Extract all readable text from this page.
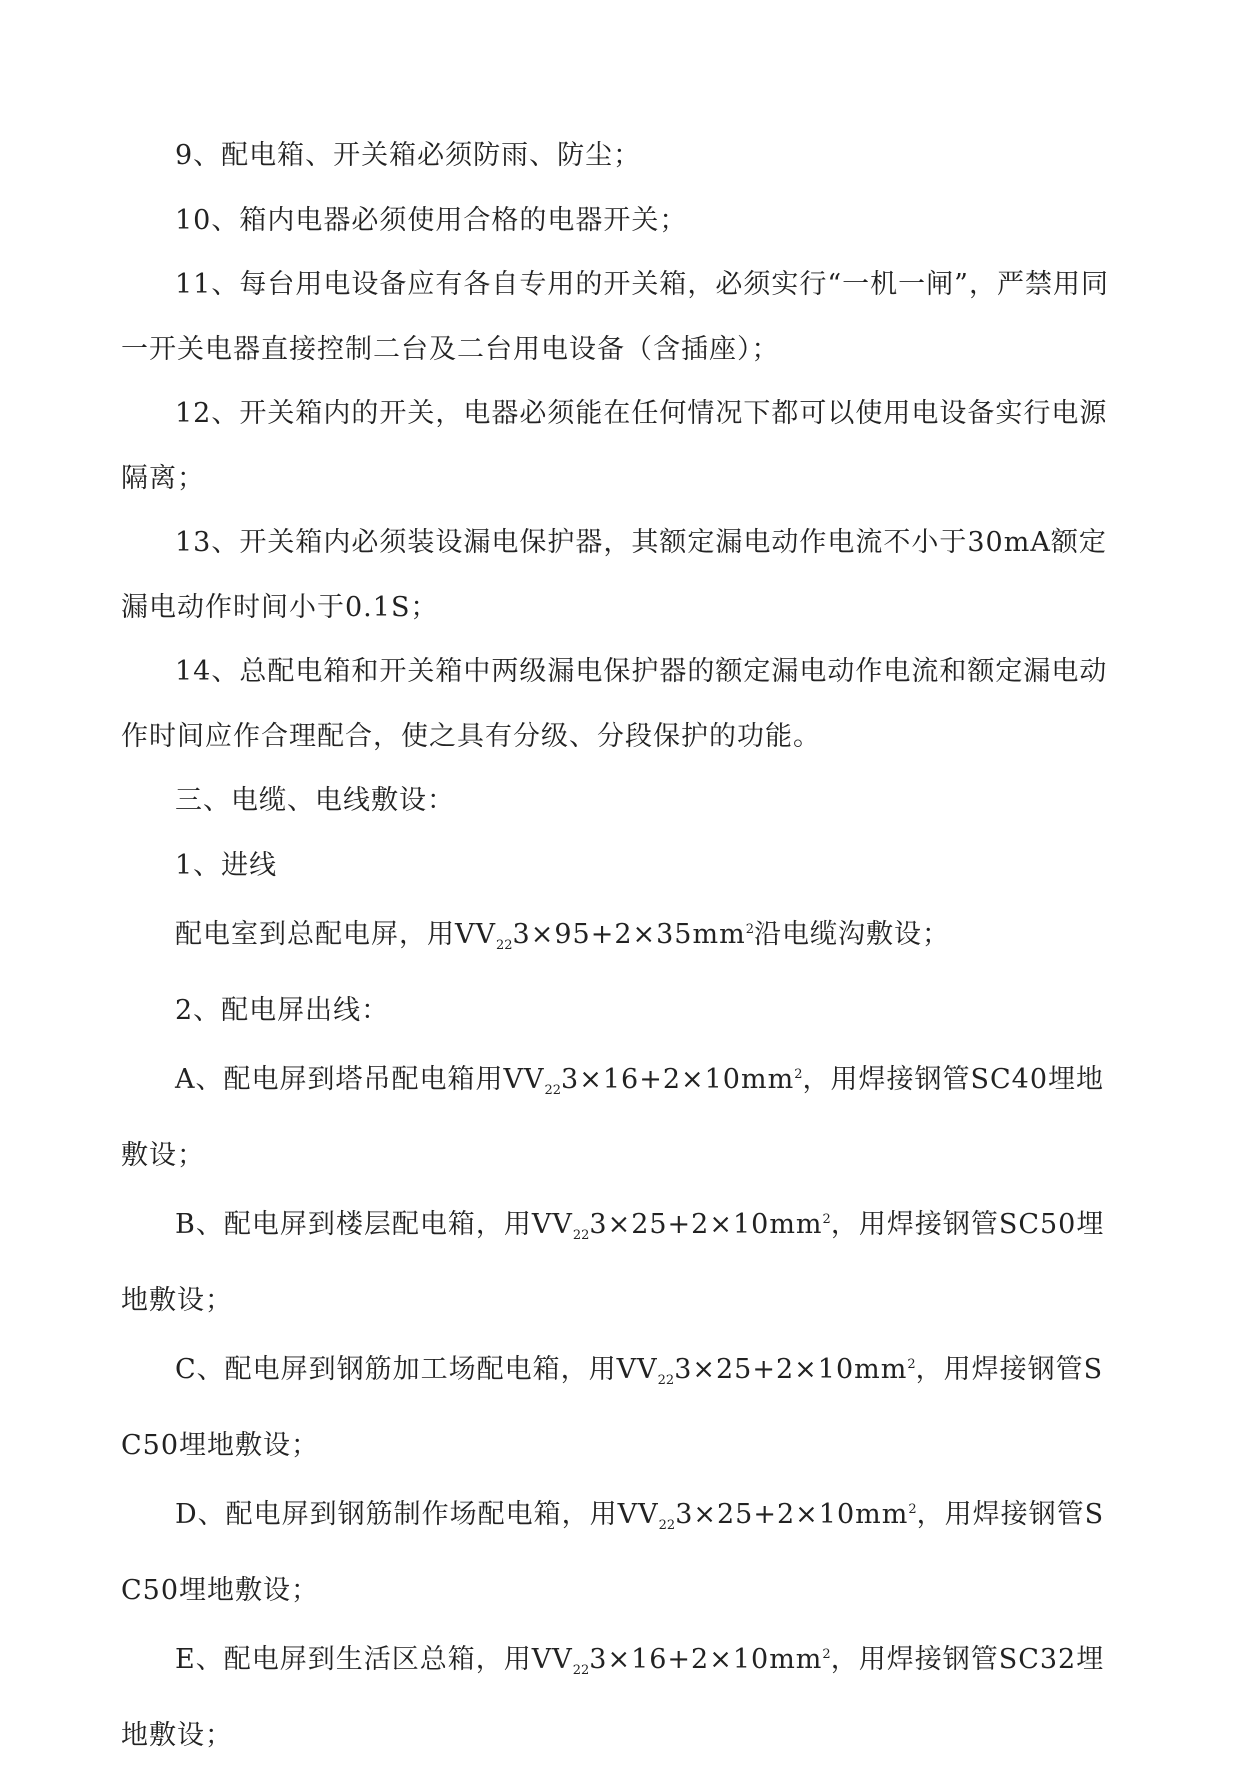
9、配电箱、开关箱必须防雨、防尘；

10、箱内电器必须使用合格的电器开关；

11、每台用电设备应有各自专用的开关箱，必须实行“一机一闸”，严禁用同一开关电器直接控制二台及二台用电设备（含插座）；

12、开关箱内的开关，电器必须能在任何情况下都可以使用电设备实行电源隔离；

13、开关箱内必须装设漏电保护器，其额定漏电动作电流不小于30mA额定漏电动作时间小于0.1S；

14、总配电箱和开关箱中两级漏电保护器的额定漏电动作电流和额定漏电动作时间应作合理配合，使之具有分级、分段保护的功能。

三、电缆、电线敷设：

1、进线

配电室到总配电屏，用$VV_{22}3\times 95+2\times 35mm^2$沿电缆沟敷设；

2、配电屏出线：

A、配电屏到塔吊配电箱用$VV_{22}3\times 16+2\times 10mm^2$，用焊接钢管SC40埋地敷设；

B、配电屏到楼层配电箱，用$VV_{22}3\times 25+2\times 10mm^2$，用焊接钢管SC50埋地敷设；

C、配电屏到钢筋加工场配电箱，用$VV_{22}3\times 25+2\times 10mm^2$，用焊接钢管SC50埋地敷设；

D、配电屏到钢筋制作场配电箱，用$VV_{22}3\times 25+2\times 10mm^2$，用焊接钢管SC50埋地敷设；

E、配电屏到生活区总箱，用$VV_{22}3\times 16+2\times 10mm^2$，用焊接钢管SC32埋地敷设；
